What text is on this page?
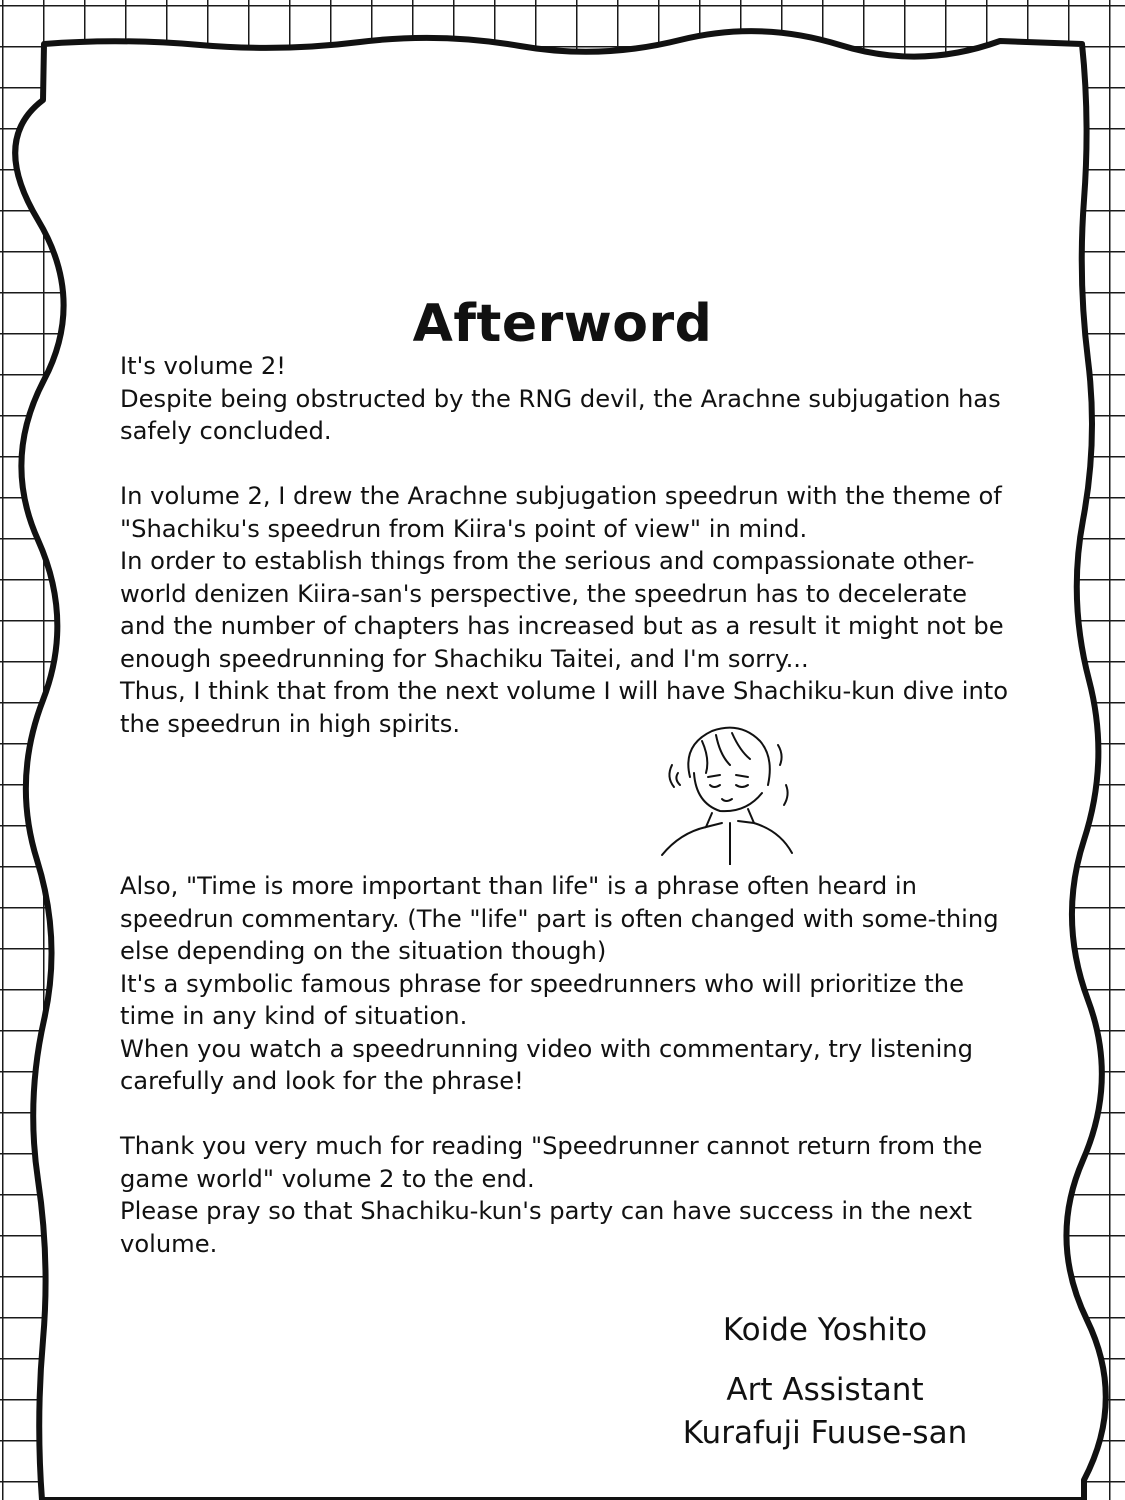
Afterword

It's volume 2!
Despite being obstructed by the RNG devil, the Arachne subjugation has safely concluded.

In volume 2, I drew the Arachne subjugation speedrun with the theme of "Shachiku's speedrun from Kiira's point of view" in mind.
In order to establish things from the serious and compassionate other-world denizen Kiira-san's perspective, the speedrun has to decelerate and the number of chapters has increased but as a result it might not be enough speedrunning for Shachiku Taitei, and I'm sorry...
Thus, I think that from the next volume I will have Shachiku-kun dive into the speedrun in high spirits.

Also, "Time is more important than life" is a phrase often heard in speedrun commentary. (The "life" part is often changed with some-thing else depending on the situation though)
It's a symbolic famous phrase for speedrunners who will prioritize the time in any kind of situation.
When you watch a speedrunning video with commentary, try listening carefully and look for the phrase!

Thank you very much for reading "Speedrunner cannot return from the game world" volume 2 to the end.
Please pray so that Shachiku-kun's party can have success in the next volume.

Koide Yoshito

Art Assistant

Kurafuji Fuuse-san
